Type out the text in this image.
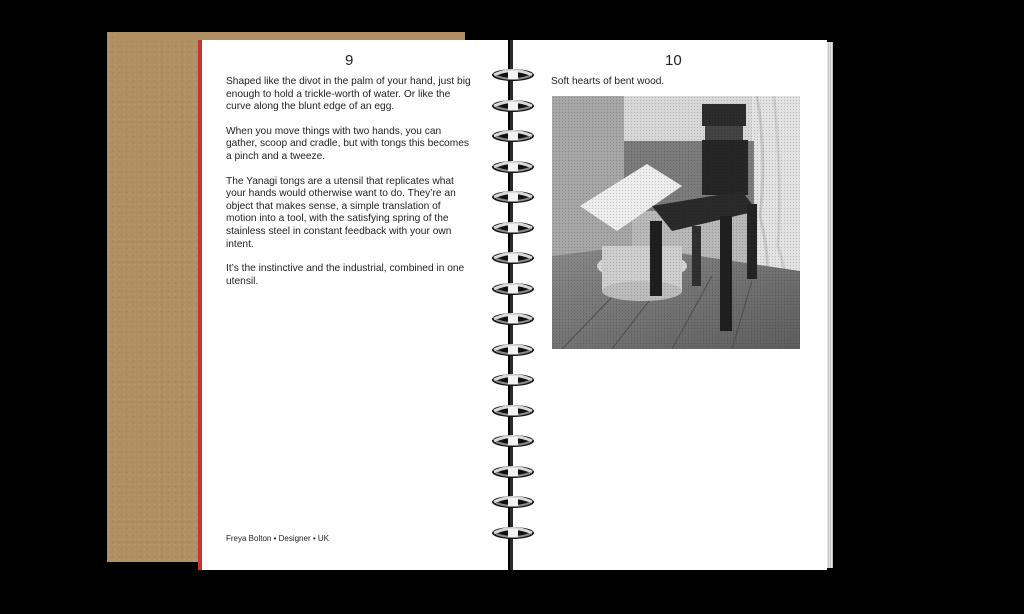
9

Shaped like the divot in the palm of your hand, just big enough to hold a trickle-worth of water. Or like the curve along the blunt edge of an egg.

When you move things with two hands, you can gather, scoop and cradle, but with tongs this becomes a pinch and a tweeze.

The Yanagi tongs are a utensil that replicates what your hands would otherwise want to do. They’re an object that makes sense, a simple translation of motion into a tool, with the satisfying spring of the stainless steel in constant feedback with your own intent.

It’s the instinctive and the industrial, combined in one utensil.

Freya Bolton • Designer • UK
10
Soft hearts of bent wood.
